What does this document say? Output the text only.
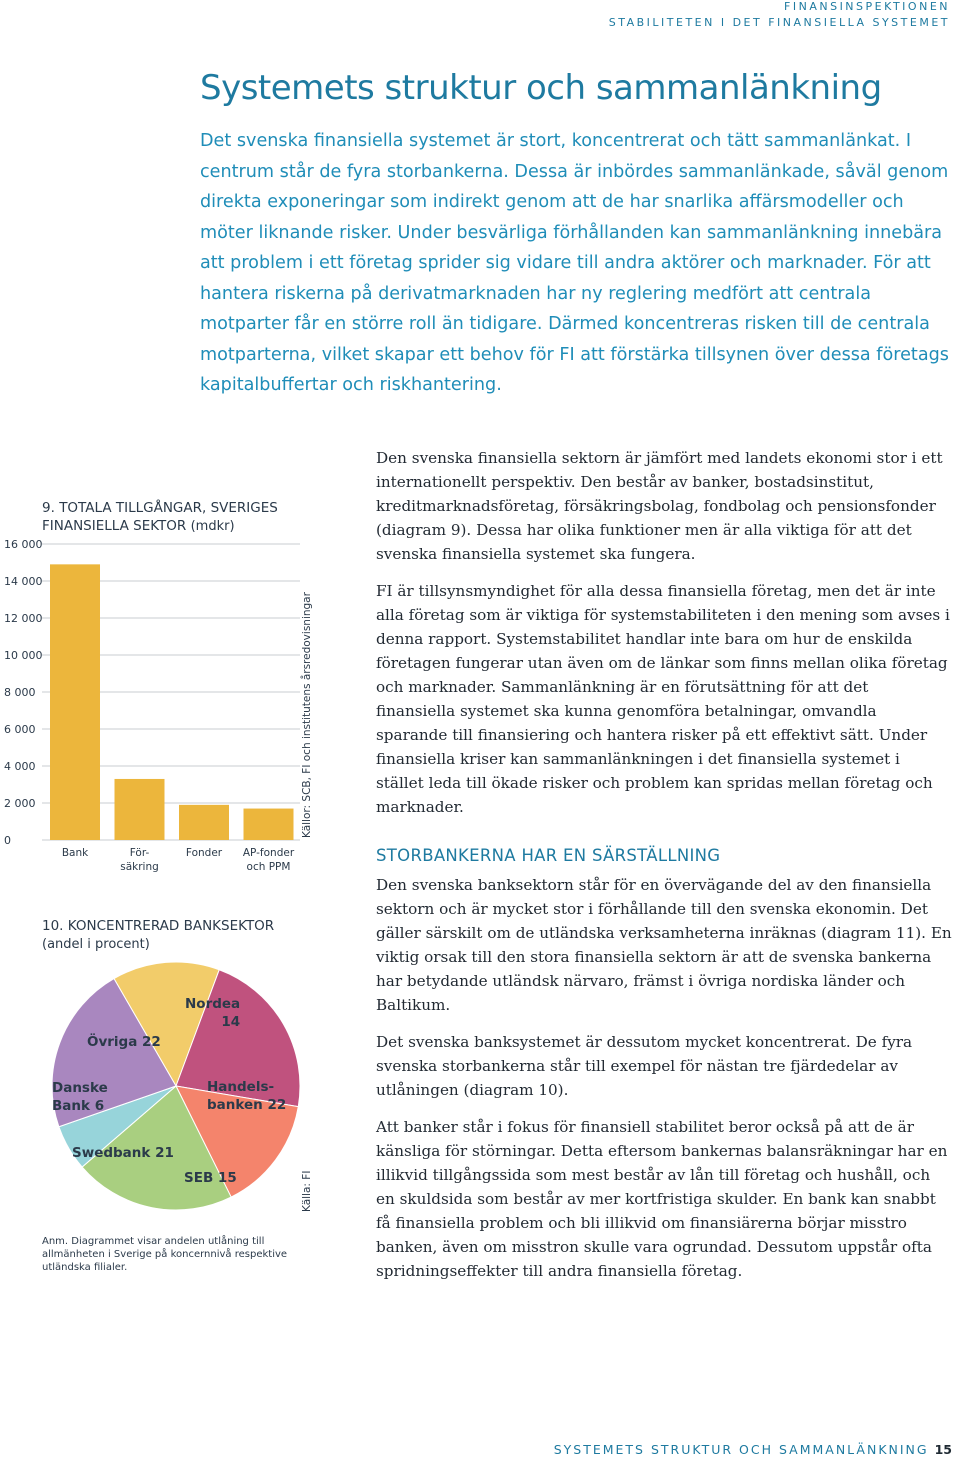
FINANSINSPEKTIONEN
STABILITETEN I DET FINANSIELLA SYSTEMET
Systemets struktur och sammanlänkning

Det svenska finansiella systemet är stort, koncentrerat och tätt sammanlänkat. I centrum står de fyra storbankerna. Dessa är inbördes sammanlänkade, såväl genom direkta exponeringar som indirekt genom att de har snarlika affärsmodeller och möter liknande risker. Under besvärliga förhållanden kan sammanlänkning innebära att problem i ett företag sprider sig vidare till andra aktörer och marknader. För att hantera riskerna på derivatmarknaden har ny reglering medfört att centrala motparter får en större roll än tidigare. Därmed koncentreras risken till de centrala motparterna, vilket skapar ett behov för FI att förstärka tillsynen över dessa företags kapitalbuffertar och riskhantering.

Den svenska finansiella sektorn är jämfört med landets ekonomi stor i ett internationellt perspektiv. Den består av banker, bostadsinstitut, kreditmarknadsföretag, försäkringsbolag, fondbolag och pensionsfonder (diagram 9). Dessa har olika funktioner men är alla viktiga för att det svenska finansiella systemet ska fungera.

FI är tillsynsmyndighet för alla dessa finansiella företag, men det är inte alla företag som är viktiga för systemstabiliteten i den mening som avses i denna rapport. Systemstabilitet handlar inte bara om hur de enskilda företagen fungerar utan även om de länkar som finns mellan olika företag och marknader. Sammanlänkning är en förutsättning för att det finansiella systemet ska kunna genomföra betalningar, omvandla sparande till finansiering och hantera risker på ett effektivt sätt. Under finansiella kriser kan sammanlänkningen i det finansiella systemet i stället leda till ökade risker och problem kan spridas mellan företag och marknader.

STORBANKERNA HAR EN SÄRSTÄLLNING

Den svenska banksektorn står för en övervägande del av den finansiella sektorn och är mycket stor i förhållande till den svenska ekonomin. Det gäller särskilt om de utländska verksamheterna inräknas (diagram 11). En viktig orsak till den stora finansiella sektorn är att de svenska bankerna har betydande utländsk närvaro, främst i övriga nordiska länder och Baltikum.

Det svenska banksystemet är dessutom mycket koncentrerat. De fyra svenska storbankerna står till exempel för nästan tre fjärdedelar av utlåningen (diagram 10).

Att banker står i fokus för finansiell stabilitet beror också på att de är känsliga för störningar. Detta eftersom bankernas balansräkningar har en illikvid tillgångssida som mest består av lån till företag och hushåll, och en skuldsida som består av mer kortfristiga skulder. En bank kan snabbt få finansiella problem och bli illikvid om finansiärerna börjar misstro banken, även om misstron skulle vara ogrundad. Dessutom uppstår ofta spridningseffekter till andra finansiella företag.

9. TOTALA TILLGÅNGAR, SVERIGES FINANSIELLA SEKTOR (mdkr)
0
2 000
4 000
6 000
8 000
10 000
12 000
14 000
16 000
Bank	För-
säkring
Fonder	AP-fonder
och PPM
Källor: SCB, FI och institutens årsredovisningar
10. KONCENTRERAD BANKSEKTOR
(andel i procent)
Nordea
14
Handels-
banken 22
SEB 15
Swedbank 21
Danske
Bank 6
Övriga 22
Källa: FI
Anm. Diagrammet visar andelen utlåning till allmänheten i Sverige på koncernnivå respektive utländska filialer.
SYSTEMETS STRUKTUR OCH SAMMANLÄNKNING 15
